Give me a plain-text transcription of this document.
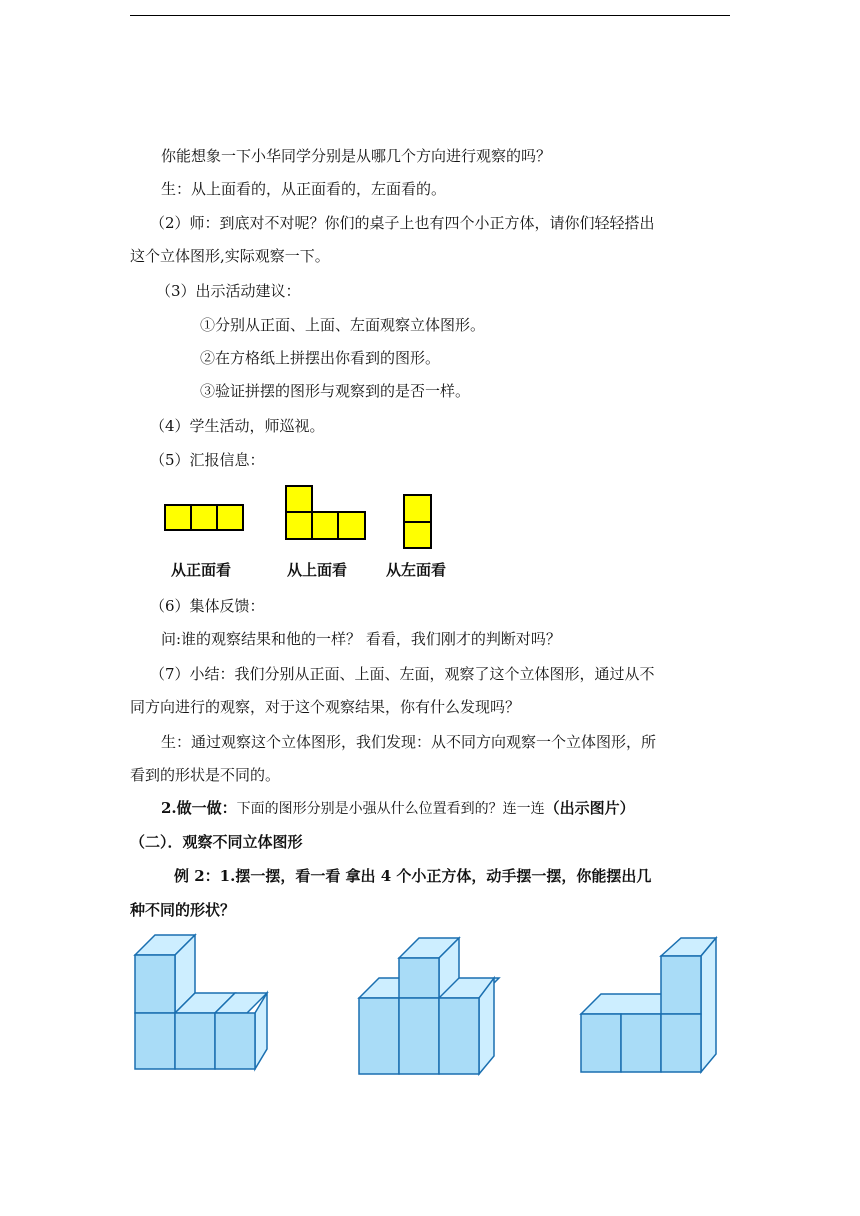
你能想象一下小华同学分别是从哪几个方向进行观察的吗？
生：从上面看的，从正面看的，左面看的。
（2）师：到底对不对呢？你们的桌子上也有四个小正方体，请你们轻轻搭出
这个立体图形,实际观察一下。
（3）出示活动建议：
①分别从正面、上面、左面观察立体图形。
②在方格纸上拼摆出你看到的图形。
③验证拼摆的图形与观察到的是否一样。
（4）学生活动，师巡视。
（5）汇报信息：
从正面看	从上面看	从左面看
（6）集体反馈：
问:谁的观察结果和他的一样？ 看看，我们刚才的判断对吗？
（7）小结：我们分别从正面、上面、左面，观察了这个立体图形，通过从不
同方向进行的观察，对于这个观察结果，你有什么发现吗？
生：通过观察这个立体图形，我们发现：从不同方向观察一个立体图形，所
看到的形状是不同的。
2.做一做：下面的图形分别是小强从什么位置看到的？连一连（出示图片）
（二）．观察不同立体图形
例 2：1.摆一摆，看一看 拿出 4 个小正方体，动手摆一摆，你能摆出几
种不同的形状？
